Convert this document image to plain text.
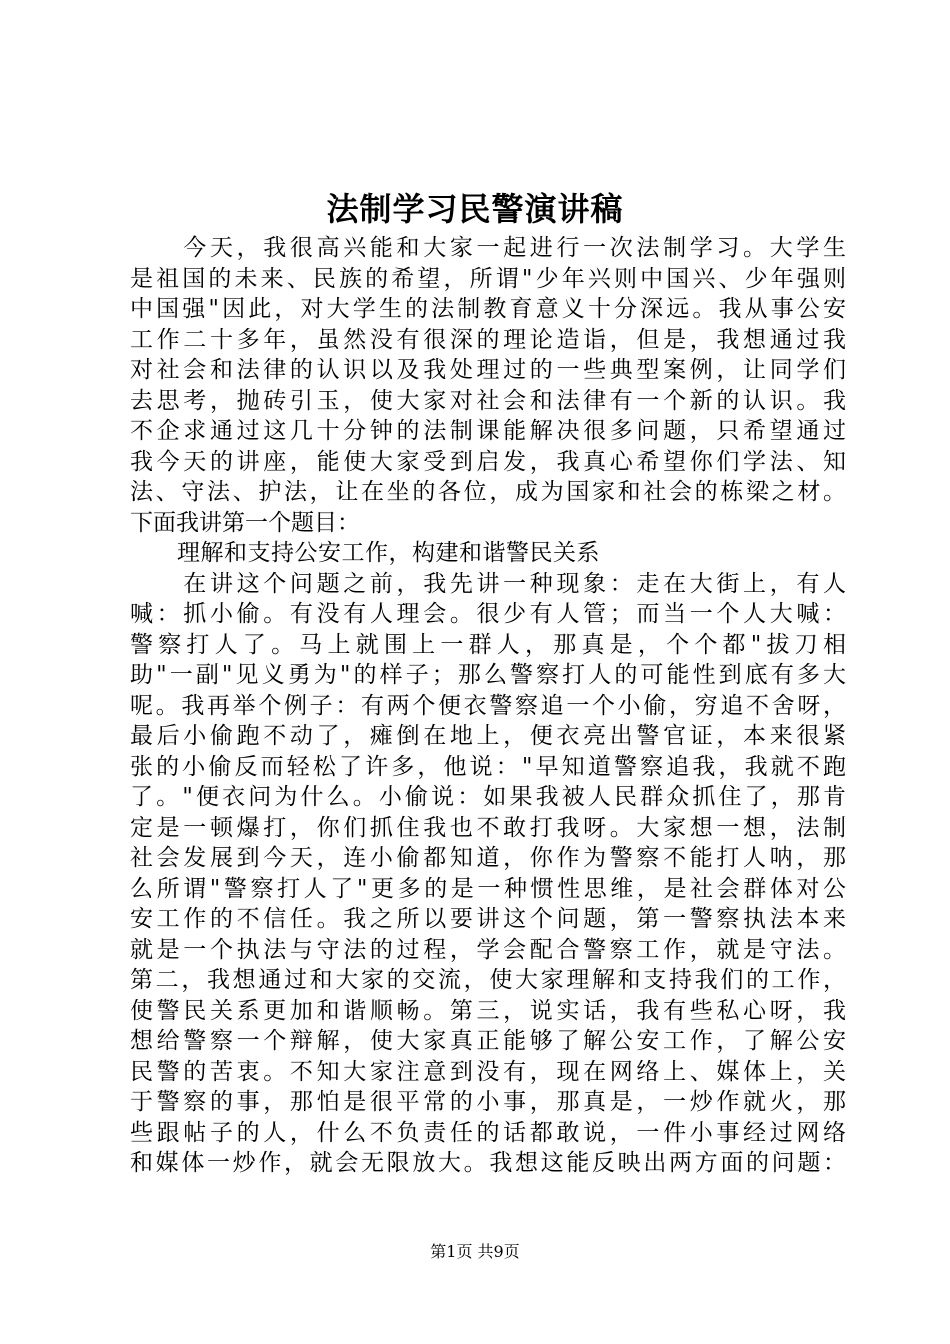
法制学习民警演讲稿
　　今天，我很高兴能和大家一起进行一次法制学习。大学生
是祖国的未来、民族的希望，所谓"少年兴则中国兴、少年强则
中国强"因此，对大学生的法制教育意义十分深远。我从事公安
工作二十多年，虽然没有很深的理论造诣，但是，我想通过我
对社会和法律的认识以及我处理过的一些典型案例，让同学们
去思考，抛砖引玉，使大家对社会和法律有一个新的认识。我
不企求通过这几十分钟的法制课能解决很多问题，只希望通过
我今天的讲座，能使大家受到启发，我真心希望你们学法、知
法、守法、护法，让在坐的各位，成为国家和社会的栋梁之材。
下面我讲第一个题目：
　　理解和支持公安工作，构建和谐警民关系
　　在讲这个问题之前，我先讲一种现象：走在大街上，有人
喊：抓小偷。有没有人理会。很少有人管；而当一个人大喊：
警察打人了。马上就围上一群人，那真是，个个都"拔刀相
助"一副"见义勇为"的样子；那么警察打人的可能性到底有多大
呢。我再举个例子：有两个便衣警察追一个小偷，穷追不舍呀，
最后小偷跑不动了，瘫倒在地上，便衣亮出警官证，本来很紧
张的小偷反而轻松了许多，他说："早知道警察追我，我就不跑
了。"便衣问为什么。小偷说：如果我被人民群众抓住了，那肯
定是一顿爆打，你们抓住我也不敢打我呀。大家想一想，法制
社会发展到今天，连小偷都知道，你作为警察不能打人呐，那
么所谓"警察打人了"更多的是一种惯性思维，是社会群体对公
安工作的不信任。我之所以要讲这个问题，第一警察执法本来
就是一个执法与守法的过程，学会配合警察工作，就是守法。
第二，我想通过和大家的交流，使大家理解和支持我们的工作，
使警民关系更加和谐顺畅。第三，说实话，我有些私心呀，我
想给警察一个辩解，使大家真正能够了解公安工作，了解公安
民警的苦衷。不知大家注意到没有，现在网络上、媒体上，关
于警察的事，那怕是很平常的小事，那真是，一炒作就火，那
些跟帖子的人，什么不负责任的话都敢说，一件小事经过网络
和媒体一炒作，就会无限放大。我想这能反映出两方面的问题：
第1页 共9页
